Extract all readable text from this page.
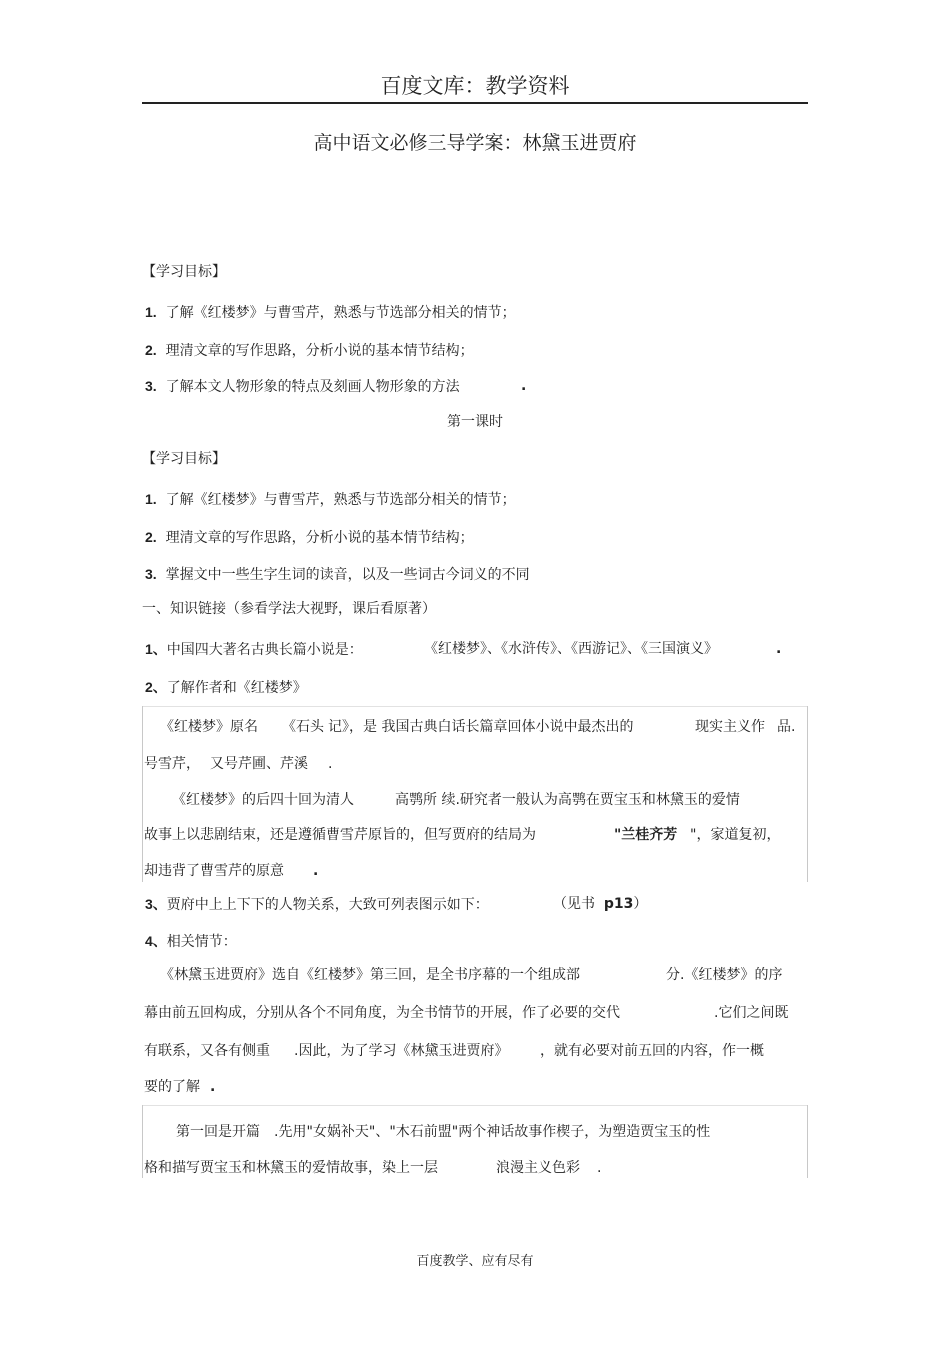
百度文库：教学资料
高中语文必修三导学案：林黛玉进贾府
【学习目标】
1. 了解《红楼梦》与曹雪芹，熟悉与节选部分相关的情节；
2. 理清文章的写作思路，分析小说的基本情节结构；
3. 了解本文人物形象的特点及刻画人物形象的方法	.
第一课时
【学习目标】
1. 了解《红楼梦》与曹雪芹，熟悉与节选部分相关的情节；
2. 理清文章的写作思路，分析小说的基本情节结构；
3. 掌握文中一些生字生词的读音，以及一些词古今词义的不同
一、知识链接（参看学法大视野，课后看原著）
1、中国四大著名古典长篇小说是：	《红楼梦》、《水浒传》、《西游记》、《三国演义》	.
2、了解作者和《红楼梦》
《红楼梦》原名 《石头 记》，是 我国古典白话长篇章回体小说中最杰出的	现实主义作 品.
号雪芹， 又号芹圃、芹溪 .
《红楼梦》的后四十回为清人	高鹗所 续.研究者一般认为高鹗在贾宝玉和林黛玉的爱情
故事上以悲剧结束，还是遵循曹雪芹原旨的，但写贾府的结局为	"兰桂齐芳 "，家道复初，
却违背了曹雪芹的原意 .
3、贾府中上上下下的人物关系，大致可列表图示如下：	（见书 p13）
4、相关情节：
《林黛玉进贾府》选自《红楼梦》第三回，是全书序幕的一个组成部	分.《红楼梦》的序
幕由前五回构成，分别从各个不同角度，为全书情节的开展，作了必要的交代	.它们之间既
有联系，又各有侧重 .因此，为了学习《林黛玉进贾府》 ，就有必要对前五回的内容，作一概
要的了解 .
第一回是开篇 .先用"女娲补天"、"木石前盟"两个神话故事作楔子，为塑造贾宝玉的性
格和描写贾宝玉和林黛玉的爱情故事，染上一层	浪漫主义色彩 .
百度教学、应有尽有
